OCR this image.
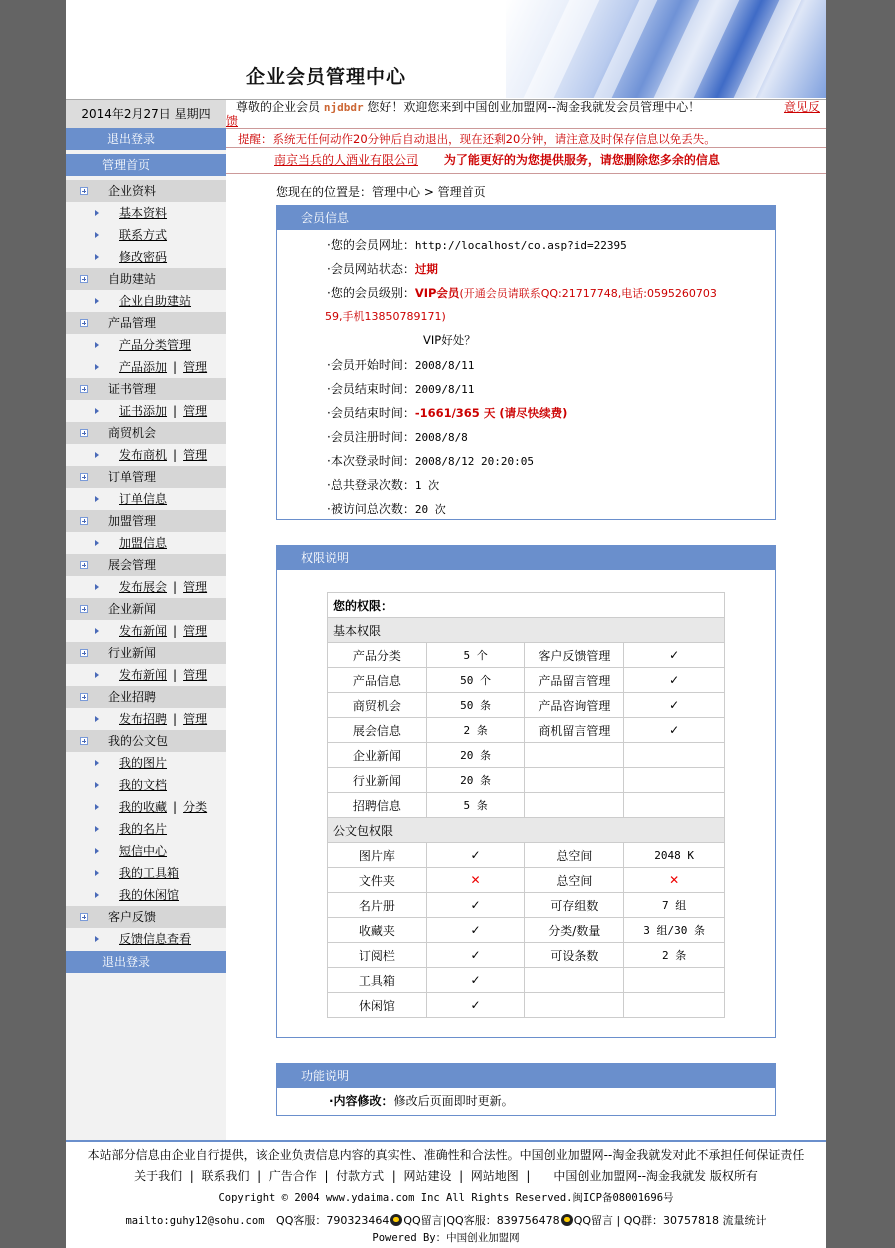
企业会员管理中心
2014年2月27日 星期四	尊敬的企业会员 njdbdr 您好！欢迎您来到中国创业加盟网--淘金我就发会员管理中心！	意见反
馈
提醒：系统无任何动作20分钟后自动退出，现在还剩20分钟，请注意及时保存信息以免丢失。
南京当兵的人酒业有限公司 为了能更好的为您提供服务，请您删除您多余的信息
退出登录
管理首页
企业资料
基本资料
联系方式
修改密码
自助建站
企业自助建站
产品管理
产品分类管理
产品添加 | 管理
证书管理
证书添加 | 管理
商贸机会
发布商机 | 管理
订单管理
订单信息
加盟管理
加盟信息
展会管理
发布展会 | 管理
企业新闻
发布新闻 | 管理
行业新闻
发布新闻 | 管理
企业招聘
发布招聘 | 管理
我的公文包
我的图片
我的文档
我的收藏 | 分类
我的名片
短信中心
我的工具箱
我的休闲馆
客户反馈
反馈信息查看
退出登录
您现在的位置是：管理中心 > 管理首页
会员信息
·您的会员网址：http://localhost/co.asp?id=22395
·会员网站状态：过期
·您的会员级别：VIP会员(开通会员请联系QQ:21717748,电话:0595260703
59,手机13850789171)
VIP好处？
·会员开始时间：2008/8/11
·会员结束时间：2009/8/11
·会员结束时间：-1661/365 天 (请尽快续费)
·会员注册时间：2008/8/8
·本次登录时间：2008/8/12 20:20:05
·总共登录次数：1 次
·被访问总次数：20 次
权限说明
您的权限：			
基本权限			
产品分类	5 个	客户反馈管理	✓
产品信息	50 个	产品留言管理	✓
商贸机会	50 条	产品咨询管理	✓
展会信息	2 条	商机留言管理	✓
企业新闻	20 条		
行业新闻	20 条		
招聘信息	5 条		
公文包权限			
图片库	✓	总空间	2048 K
文件夹	✕	总空间	✕
名片册	✓	可存组数	7 组
收藏夹	✓	分类/数量	3 组/30 条
订阅栏	✓	可设条数	2 条
工具箱	✓		
休闲馆	✓		
功能说明
·内容修改：修改后页面即时更新。
本站部分信息由企业自行提供，该企业负责信息内容的真实性、准确性和合法性。中国创业加盟网--淘金我就发对此不承担任何保证责任
关于我们  |  联系我们  |  广告合作  |  付款方式  |  网站建设  |  网站地图  |      中国创业加盟网--淘金我就发 版权所有
Copyright © 2004 www.ydaima.com Inc All Rights Reserved.闽ICP备08001696号
mailto:guhy12@sohu.com QQ客服：790323464 QQ留言|QQ客服：839756478 QQ留言 | QQ群：30757818 流量统计
Powered By：中国创业加盟网
